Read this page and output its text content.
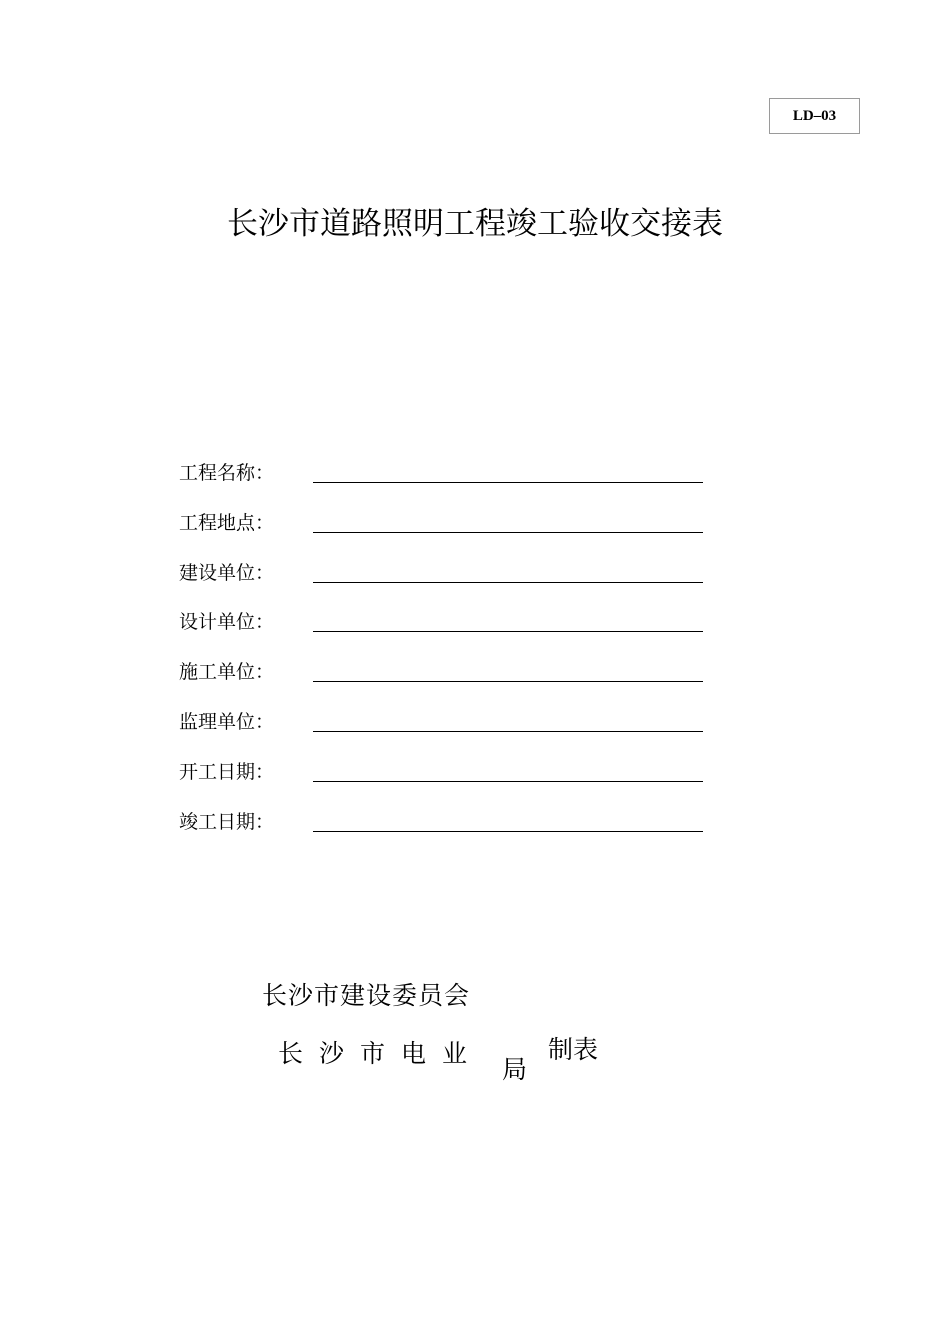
LD–03
长沙市道路照明工程竣工验收交接表
工程名称：
工程地点：
建设单位：
设计单位：
施工单位：
监理单位：
开工日期：
竣工日期：
长沙市建设委员会
长沙市电业
局
制表
